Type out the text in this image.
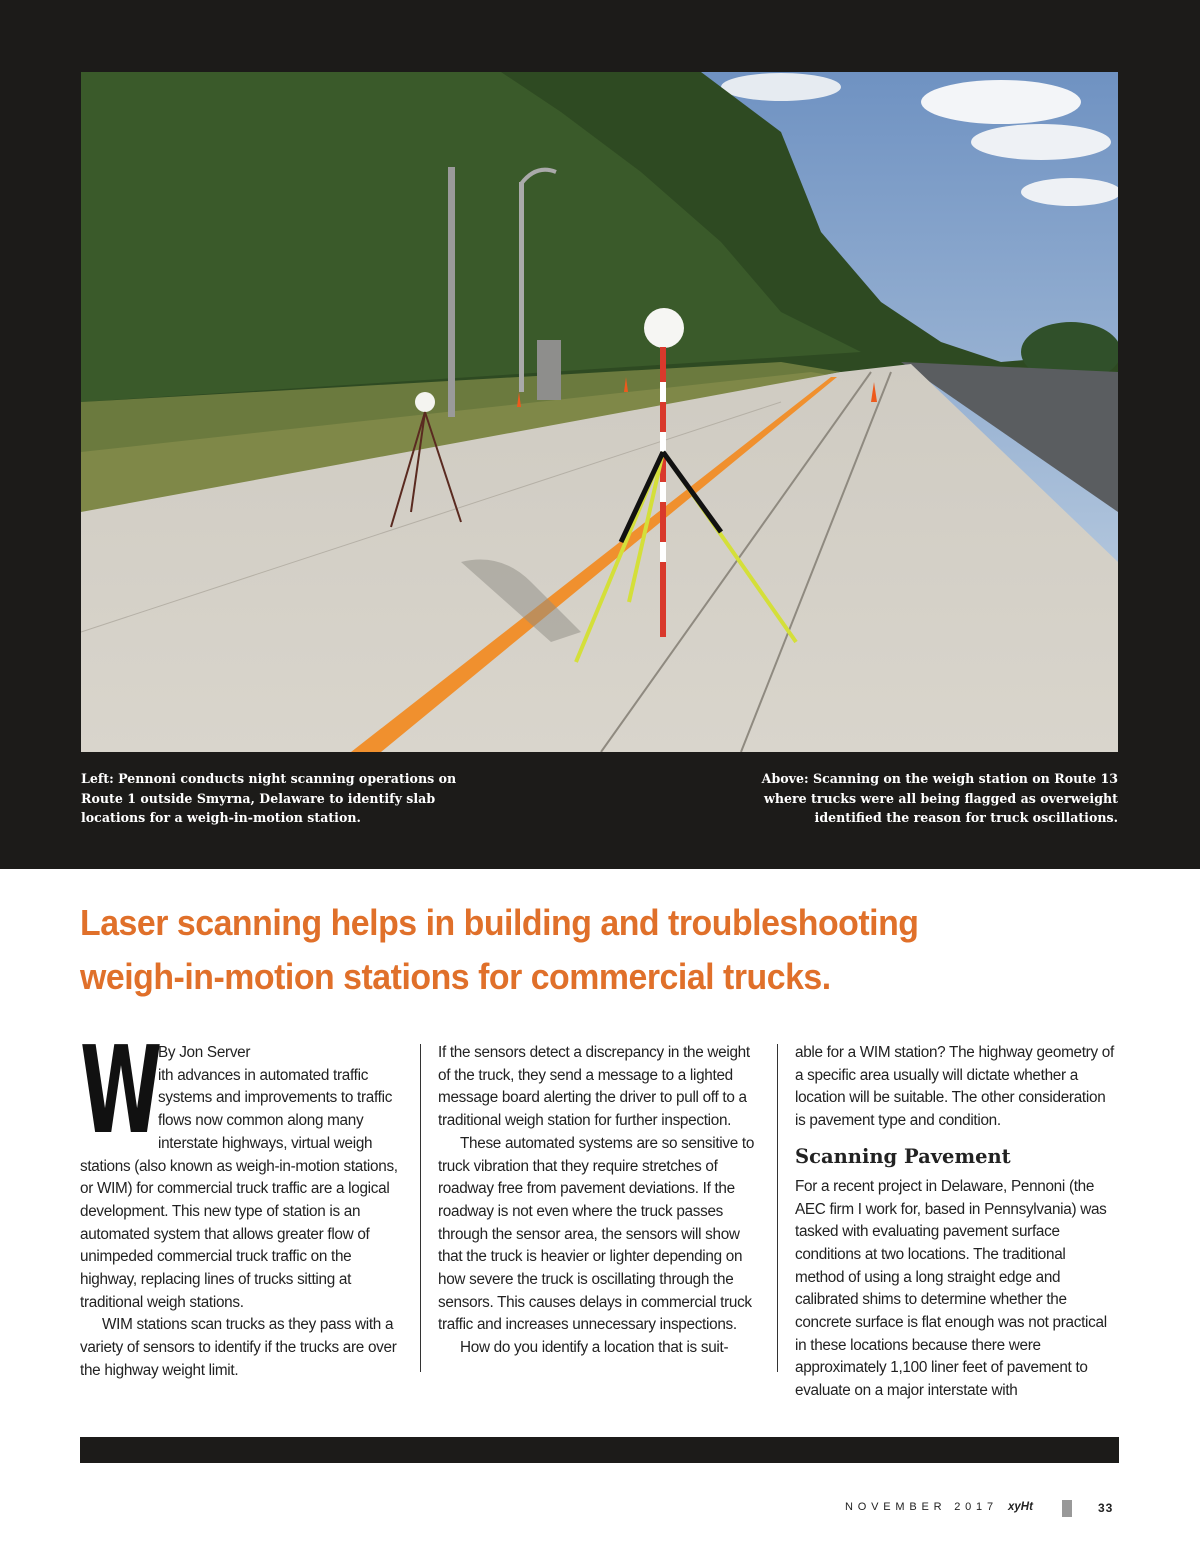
Left: Pennoni conducts night scanning operations on Route 1 outside Smyrna, Delaware to identify slab locations for a weigh-in-motion station.
Above: Scanning on the weigh station on Route 13 where trucks were all being flagged as overweight identified the reason for truck oscillations.
Laser scanning helps in building and troubleshooting
weigh-in-motion stations for commercial trucks.
W

By Jon Server

ith advances in automated traffic systems and improvements to traffic flows now common along many interstate highways, virtual weigh stations (also known as weigh-in-motion stations, or WIM) for commercial truck traffic are a logical development. This new type of station is an automated system that allows greater flow of unimpeded commercial truck traffic on the highway, replacing lines of trucks sitting at traditional weigh stations.

WIM stations scan trucks as they pass with a variety of sensors to identify if the trucks are over the highway weight limit.

If the sensors detect a discrepancy in the weight of the truck, they send a message to a lighted message board alerting the driver to pull off to a traditional weigh station for further inspection.

These automated systems are so sensitive to truck vibration that they require stretches of roadway free from pavement deviations. If the roadway is not even where the truck passes through the sensor area, the sensors will show that the truck is heavier or lighter depending on how severe the truck is oscillating through the sensors. This causes delays in commercial truck traffic and increases unnecessary inspections.

How do you identify a location that is suit-

able for a WIM station? The highway geometry of a specific area usually will dictate whether a location will be suitable. The other consideration is pavement type and condition.

Scanning Pavement

For a recent project in Delaware, Pennoni (the AEC firm I work for, based in Pennsylvania) was tasked with evaluating pavement surface conditions at two locations. The traditional method of using a long straight edge and calibrated shims to determine whether the concrete surface is flat enough was not practical in these locations because there were approximately 1,100 liner feet of pavement to evaluate on a major interstate with

NOVEMBER 2017 xyHt	33
